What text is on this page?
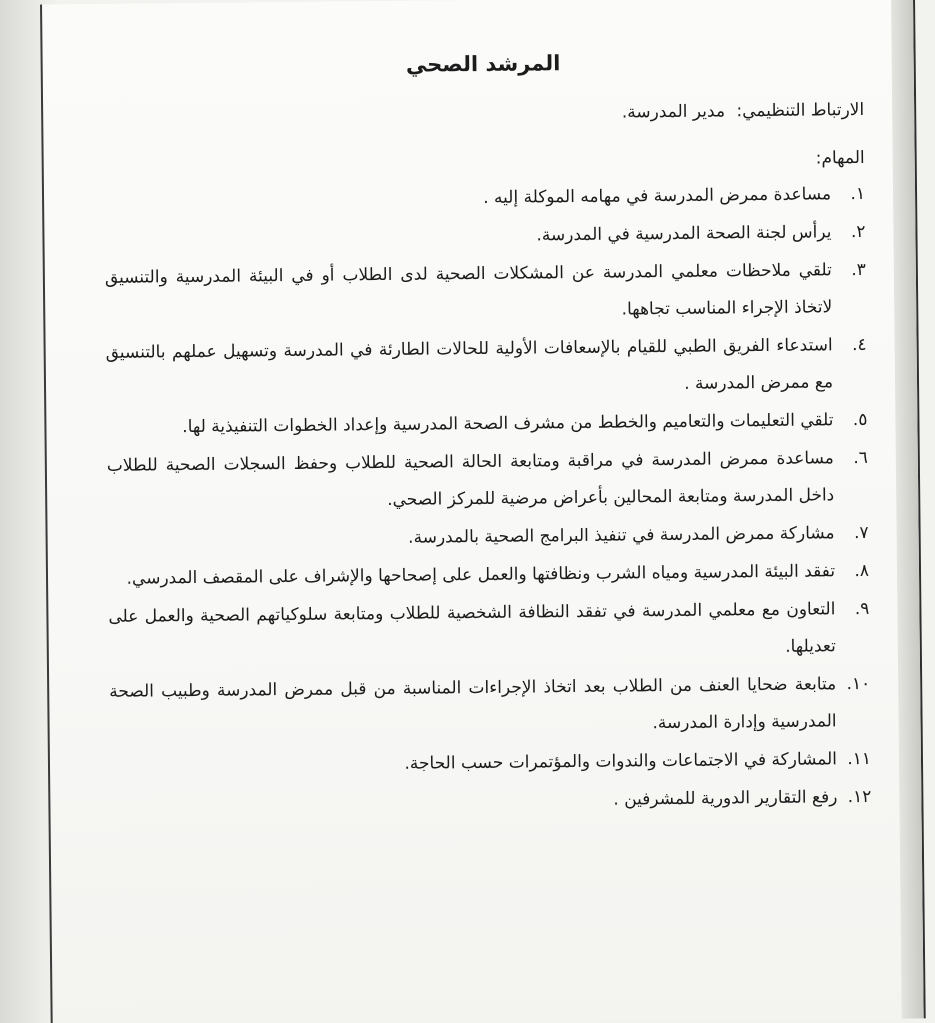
المرشد الصحي
الارتباط التنظيمي: مدير المدرسة.
المهام:
١.
مساعدة ممرض المدرسة في مهامه الموكلة إليه .
٢.
يرأس لجنة الصحة المدرسية في المدرسة.
٣.
تلقي ملاحظات معلمي المدرسة عن المشكلات الصحية لدى الطلاب أو في البيئة المدرسية والتنسيق لاتخاذ الإجراء المناسب تجاهها.
٤.
استدعاء الفريق الطبي للقيام بالإسعافات الأولية للحالات الطارئة في المدرسة وتسهيل عملهم بالتنسيق مع ممرض المدرسة .
٥.
تلقي التعليمات والتعاميم والخطط من مشرف الصحة المدرسية وإعداد الخطوات التنفيذية لها.
٦.
مساعدة ممرض المدرسة في مراقبة ومتابعة الحالة الصحية للطلاب وحفظ السجلات الصحية للطلاب داخل المدرسة ومتابعة المحالين بأعراض مرضية للمركز الصحي.
٧.
مشاركة ممرض المدرسة في تنفيذ البرامج الصحية بالمدرسة.
٨.
تفقد البيئة المدرسية ومياه الشرب ونظافتها والعمل على إصحاحها والإشراف على المقصف المدرسي.
٩.
التعاون مع معلمي المدرسة في تفقد النظافة الشخصية للطلاب ومتابعة سلوكياتهم الصحية والعمل على تعديلها.
١٠.
متابعة ضحايا العنف من الطلاب بعد اتخاذ الإجراءات المناسبة من قبل ممرض المدرسة وطبيب الصحة المدرسية وإدارة المدرسة.
١١.
المشاركة في الاجتماعات والندوات والمؤتمرات حسب الحاجة.
١٢.
رفع التقارير الدورية للمشرفين .
